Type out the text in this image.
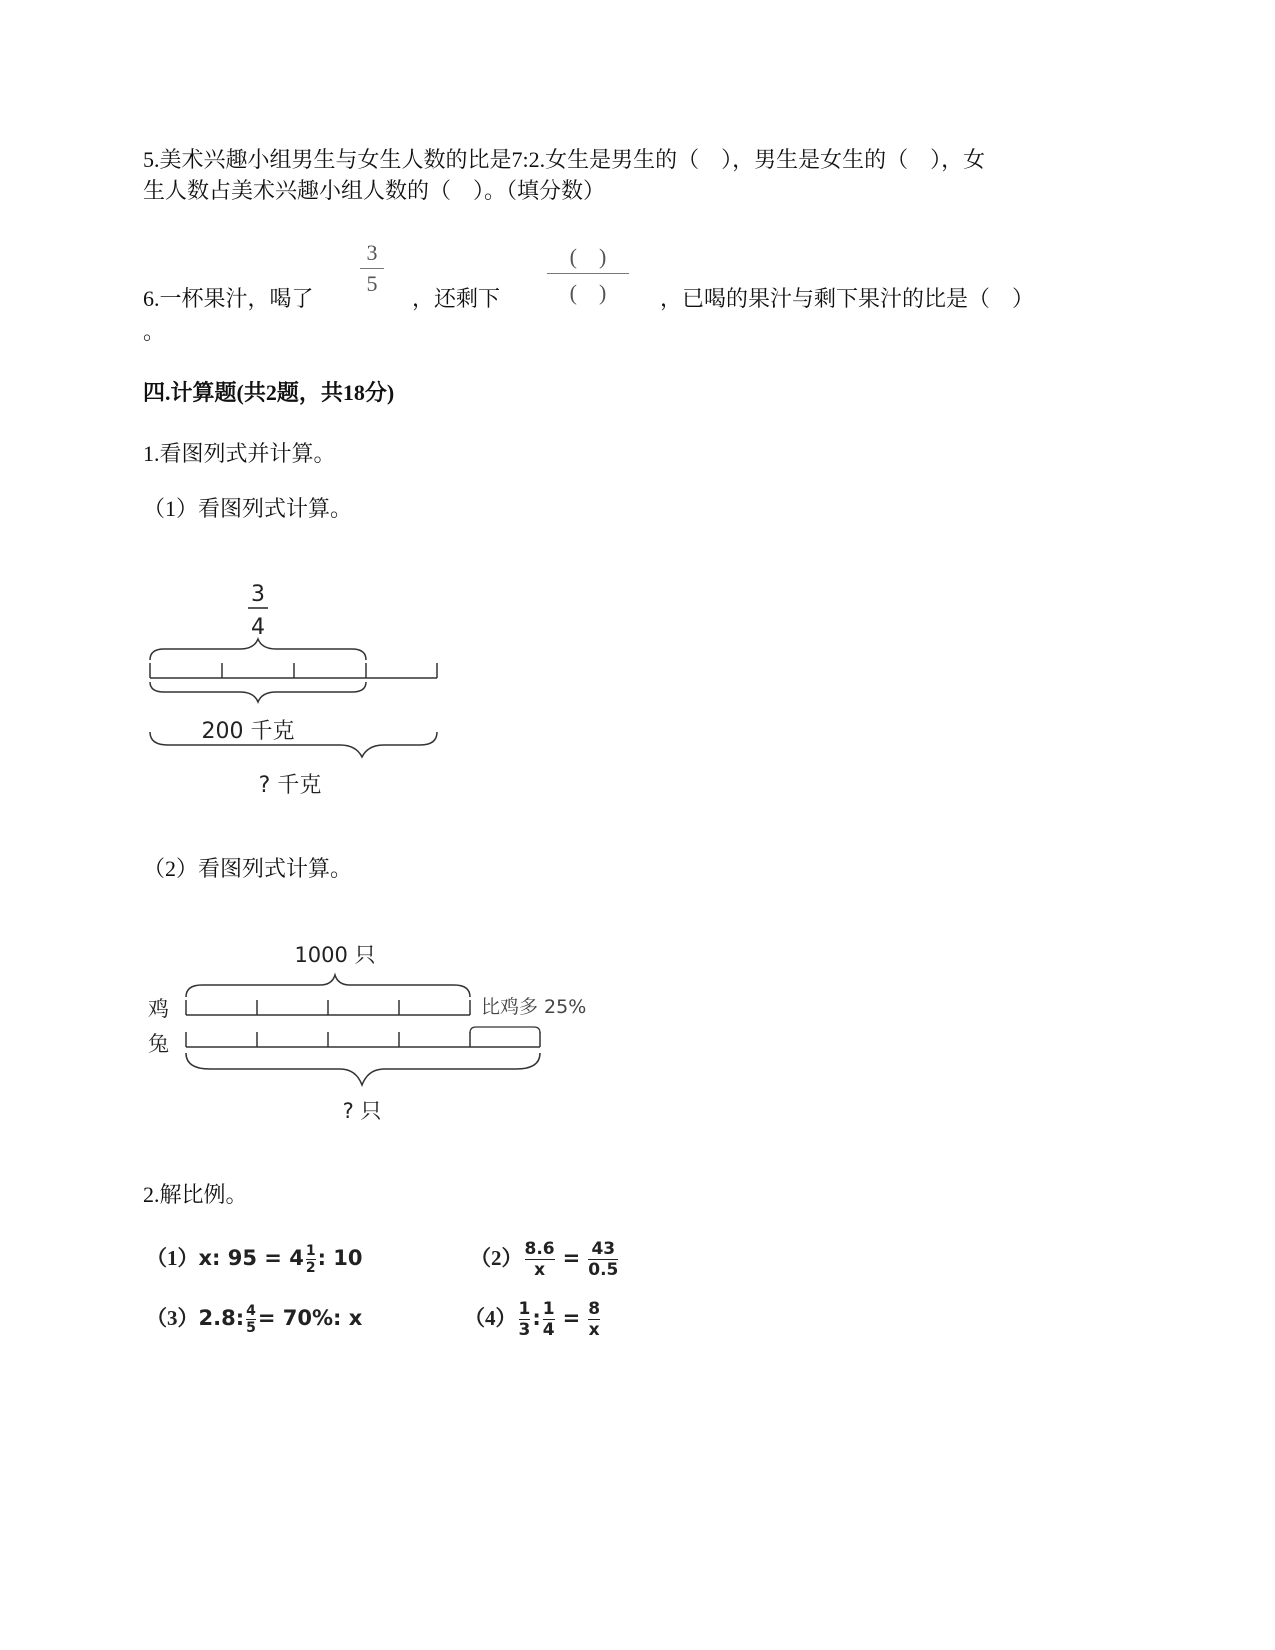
5.美术兴趣小组男生与女生人数的比是7:2.女生是男生的（　），男生是女生的（　），女
生人数占美术兴趣小组人数的（　）。（填分数）
6.一杯果汁，喝了
3
5
，还剩下
(　)
(　)	，已喝的果汁与剩下果汁的比是（　）
。
四.计算题(共2题，共18分)
1.看图列式并计算。
（1）看图列式计算。
3
4
200 千克
? 千克
（2）看图列式计算。
1000 只
鸡	比鸡多 25%
兔
? 只
2.解比例。
（1）x: $95 = 4 \frac{1}{2}$ : 10	$(2) \frac{8.6}{x} = \frac{43}{0.5}$
（3）2.8: $\frac{4}{5} = 70\%$: x	$(4) \frac{1}{3}$ : $\frac{1}{4} = \frac{8}{x}$
